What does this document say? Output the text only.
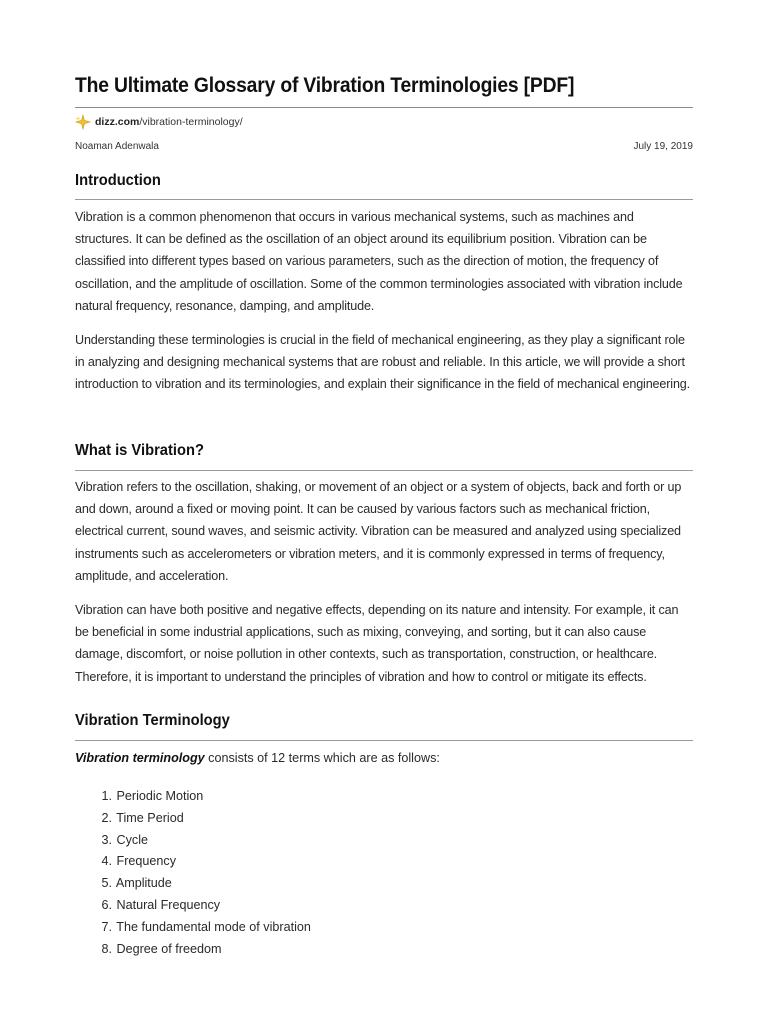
The Ultimate Glossary of Vibration Terminologies [PDF]
dizz.com /vibration-terminology/
Noaman Adenwala	July 19, 2019
Introduction

Vibration is a common phenomenon that occurs in various mechanical systems, such as machines and structures. It can be defined as the oscillation of an object around its equilibrium position. Vibration can be classified into different types based on various parameters, such as the direction of motion, the frequency of oscillation, and the amplitude of oscillation. Some of the common terminologies associated with vibration include natural frequency, resonance, damping, and amplitude.

Understanding these terminologies is crucial in the field of mechanical engineering, as they play a significant role in analyzing and designing mechanical systems that are robust and reliable. In this article, we will provide a short introduction to vibration and its terminologies, and explain their significance in the field of mechanical engineering.

What is Vibration?

Vibration refers to the oscillation, shaking, or movement of an object or a system of objects, back and forth or up and down, around a fixed or moving point. It can be caused by various factors such as mechanical friction, electrical current, sound waves, and seismic activity. Vibration can be measured and analyzed using specialized instruments such as accelerometers or vibration meters, and it is commonly expressed in terms of frequency, amplitude, and acceleration.

Vibration can have both positive and negative effects, depending on its nature and intensity. For example, it can be beneficial in some industrial applications, such as mixing, conveying, and sorting, but it can also cause damage, discomfort, or noise pollution in other contexts, such as transportation, construction, or healthcare. Therefore, it is important to understand the principles of vibration and how to control or mitigate its effects.

Vibration Terminology

Vibration terminology consists of 12 terms which are as follows:

1. Periodic Motion
2. Time Period
3. Cycle
4. Frequency
5. Amplitude
6. Natural Frequency
7. The fundamental mode of vibration
8. Degree of freedom
